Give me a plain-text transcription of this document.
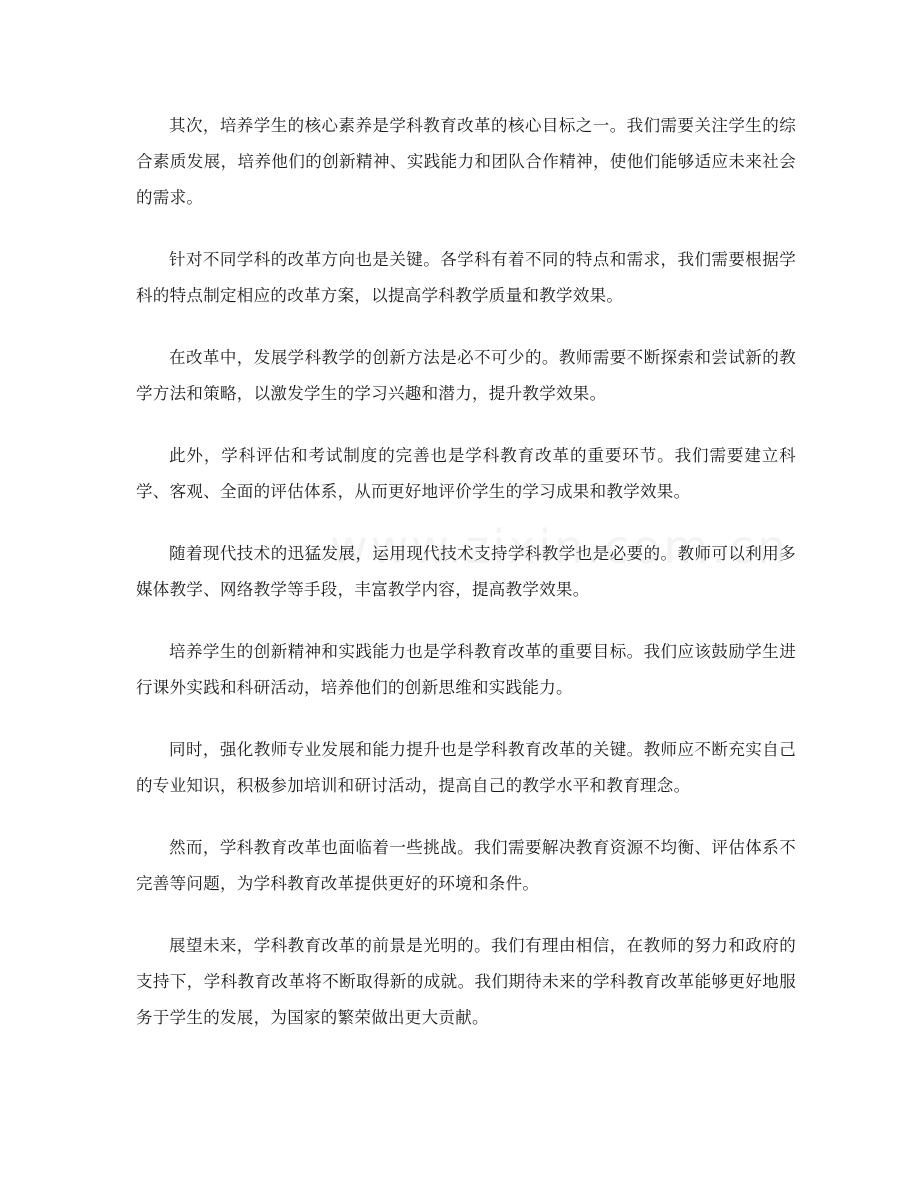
其次，培养学生的核心素养是学科教育改革的核心目标之一。我们需要关注学生的综合素质发展，培养他们的创新精神、实践能力和团队合作精神，使他们能够适应未来社会的需求。

针对不同学科的改革方向也是关键。各学科有着不同的特点和需求，我们需要根据学科的特点制定相应的改革方案，以提高学科教学质量和教学效果。

在改革中，发展学科教学的创新方法是必不可少的。教师需要不断探索和尝试新的教学方法和策略，以激发学生的学习兴趣和潜力，提升教学效果。

此外，学科评估和考试制度的完善也是学科教育改革的重要环节。我们需要建立科学、客观、全面的评估体系，从而更好地评价学生的学习成果和教学效果。

随着现代技术的迅猛发展，运用现代技术支持学科教学也是必要的。教师可以利用多媒体教学、网络教学等手段，丰富教学内容，提高教学效果。

培养学生的创新精神和实践能力也是学科教育改革的重要目标。我们应该鼓励学生进行课外实践和科研活动，培养他们的创新思维和实践能力。

同时，强化教师专业发展和能力提升也是学科教育改革的关键。教师应不断充实自己的专业知识，积极参加培训和研讨活动，提高自己的教学水平和教育理念。

然而，学科教育改革也面临着一些挑战。我们需要解决教育资源不均衡、评估体系不完善等问题，为学科教育改革提供更好的环境和条件。

展望未来，学科教育改革的前景是光明的。我们有理由相信，在教师的努力和政府的支持下，学科教育改革将不断取得新的成就。我们期待未来的学科教育改革能够更好地服务于学生的发展，为国家的繁荣做出更大贡献。
